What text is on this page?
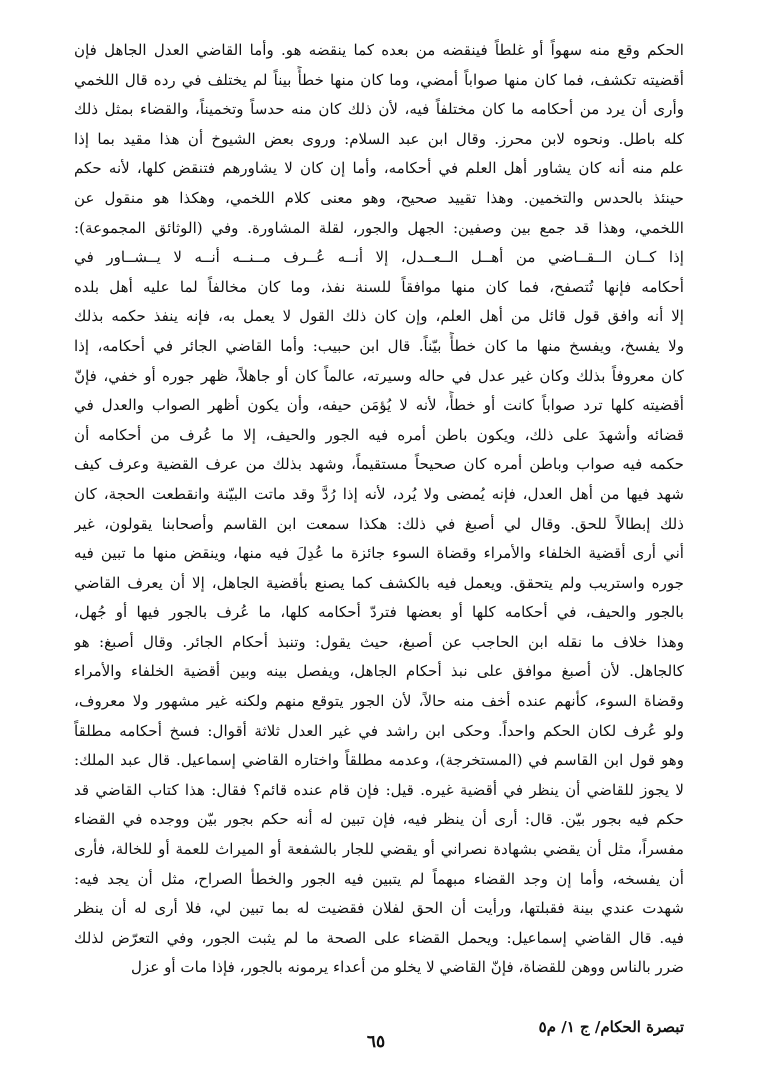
الحكم وقع منه سهواً أو غلطاً فينقضه من بعده كما ينقضه هو. وأما القاضي العدل الجاهل فإن
أقضيته تكشف، فما كان منها صواباً أمضي، وما كان منها خطأً بيناً لم يختلف في رده قال اللخمي
وأرى أن يرد من أحكامه ما كان مختلفاً فيه، لأن ذلك كان منه حدساً وتخميناً، والقضاء بمثل ذلك
كله باطل. ونحوه لابن محرز. وقال ابن عبد السلام: وروى بعض الشيوخ أن هذا مقيد بما إذا
علم منه أنه كان يشاور أهل العلم في أحكامه، وأما إن كان لا يشاورهم فتنقض كلها، لأنه حكم
حينئذ بالحدس والتخمين. وهذا تقييد صحيح، وهو معنى كلام اللخمي، وهكذا هو منقول عن
اللخمي، وهذا قد جمع بين وصفين: الجهل والجور، لقلة المشاورة. وفي (الوثائق المجموعة):
إذا كــان الــقــاضي من أهــل الــعــدل، إلا أنــه عُــرف مــنــه أنــه لا يــشــاور في
أحكامه فإنها تُتصفح، فما كان منها موافقاً للسنة نفذ، وما كان مخالفاً لما عليه أهل بلده
إلا أنه وافق قول قائل من أهل العلم، وإن كان ذلك القول لا يعمل به، فإنه ينفذ حكمه بذلك
ولا يفسخ، ويفسخ منها ما كان خطأً بيّناً. قال ابن حبيب: وأما القاضي الجائر في أحكامه، إذا
كان معروفاً بذلك وكان غير عدل في حاله وسيرته، عالماً كان أو جاهلاً، ظهر جوره أو خفي، فإنّ
أقضيته كلها ترد صواباً كانت أو خطأً، لأنه لا يُؤمَن حيفه، وأن يكون أظهر الصواب والعدل في
قضائه وأشهدَ على ذلك، ويكون باطن أمره فيه الجور والحيف، إلا ما عُرف من أحكامه أن
حكمه فيه صواب وباطن أمره كان صحيحاً مستقيماً، وشهد بذلك من عرف القضية وعرف كيف
شهد فيها من أهل العدل، فإنه يُمضى ولا يُرد، لأنه إذا رُدَّ وقد ماتت البيّنة وانقطعت الحجة، كان
ذلك إبطالاً للحق. وقال لي أصبغ في ذلك: هكذا سمعت ابن القاسم وأصحابنا يقولون، غير
أني أرى أقضية الخلفاء والأمراء وقضاة السوء جائزة ما عُدِلَ فيه منها، وينقض منها ما تبين فيه
جوره واستريب ولم يتحقق. ويعمل فيه بالكشف كما يصنع بأقضية الجاهل، إلا أن يعرف القاضي
بالجور والحيف، في أحكامه كلها أو بعضها فتردّ أحكامه كلها، ما عُرف بالجور فيها أو جُهل،
وهذا خلاف ما نقله ابن الحاجب عن أصبغ، حيث يقول: وتنبذ أحكام الجائر. وقال أصبغ: هو
كالجاهل. لأن أصبغ موافق على نبذ أحكام الجاهل، ويفصل بينه وبين أقضية الخلفاء والأمراء
وقضاة السوء، كأنهم عنده أخف منه حالاً، لأن الجور يتوقع منهم ولكنه غير مشهور ولا معروف،
ولو عُرف لكان الحكم واحداً. وحكى ابن راشد في غير العدل ثلاثة أقوال: فسخ أحكامه مطلقاً
وهو قول ابن القاسم في (المستخرجة)، وعدمه مطلقاً واختاره القاضي إسماعيل. قال عبد الملك:
لا يجوز للقاضي أن ينظر في أقضية غيره. قيل: فإن قام عنده قائم؟ فقال: هذا كتاب القاضي قد
حكم فيه بجور بيّن. قال: أرى أن ينظر فيه، فإن تبين له أنه حكم بجور بيّن ووجده في القضاء
مفسراً، مثل أن يقضي بشهادة نصراني أو يقضي للجار بالشفعة أو الميراث للعمة أو للخالة، فأرى
أن يفسخه، وأما إن وجد القضاء مبهماً لم يتبين فيه الجور والخطأ الصراح، مثل أن يجد فيه:
شهدت عندي بينة فقبلتها، ورأيت أن الحق لفلان فقضيت له بما تبين لي، فلا أرى له أن ينظر
فيه. قال القاضي إسماعيل: ويحمل القضاء على الصحة ما لم يثبت الجور، وفي التعرّض لذلك
ضرر بالناس ووهن للقضاة، فإنّ القاضي لا يخلو من أعداء يرمونه بالجور، فإذا مات أو عزل
تبصرة الحكام/ ج ١/ م٥
٦٥
